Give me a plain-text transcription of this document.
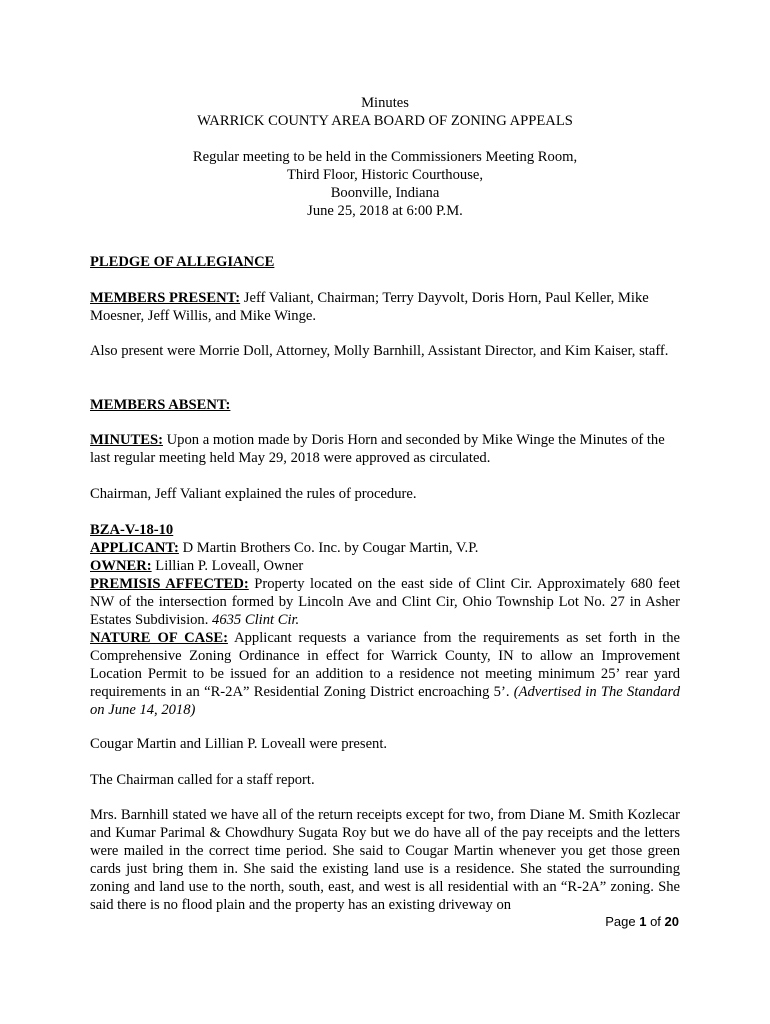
Minutes
WARRICK COUNTY AREA BOARD OF ZONING APPEALS
Regular meeting to be held in the Commissioners Meeting Room,
Third Floor, Historic Courthouse,
Boonville, Indiana
June 25, 2018 at 6:00 P.M.
PLEDGE OF ALLEGIANCE
MEMBERS PRESENT: Jeff Valiant, Chairman; Terry Dayvolt, Doris Horn, Paul Keller, Mike Moesner, Jeff Willis, and Mike Winge.
Also present were Morrie Doll, Attorney, Molly Barnhill, Assistant Director, and Kim Kaiser, staff.
MEMBERS ABSENT:
MINUTES: Upon a motion made by Doris Horn and seconded by Mike Winge the Minutes of the last regular meeting held May 29, 2018 were approved as circulated.
Chairman, Jeff Valiant explained the rules of procedure.
BZA-V-18-10
APPLICANT: D Martin Brothers Co. Inc. by Cougar Martin, V.P.
OWNER: Lillian P. Loveall, Owner
PREMISIS AFFECTED: Property located on the east side of Clint Cir. Approximately 680 feet NW of the intersection formed by Lincoln Ave and Clint Cir, Ohio Township Lot No. 27 in Asher Estates Subdivision. 4635 Clint Cir.
NATURE OF CASE: Applicant requests a variance from the requirements as set forth in the Comprehensive Zoning Ordinance in effect for Warrick County, IN to allow an Improvement Location Permit to be issued for an addition to a residence not meeting minimum 25’ rear yard requirements in an “R-2A” Residential Zoning District encroaching 5’. (Advertised in The Standard on June 14, 2018)
Cougar Martin and Lillian P. Loveall were present.
The Chairman called for a staff report.
Mrs. Barnhill stated we have all of the return receipts except for two, from Diane M. Smith Kozlecar and Kumar Parimal & Chowdhury Sugata Roy but we do have all of the pay receipts and the letters were mailed in the correct time period. She said to Cougar Martin whenever you get those green cards just bring them in. She said the existing land use is a residence. She stated the surrounding zoning and land use to the north, south, east, and west is all residential with an “R-2A” zoning. She said there is no flood plain and the property has an existing driveway on
Page 1 of 20
